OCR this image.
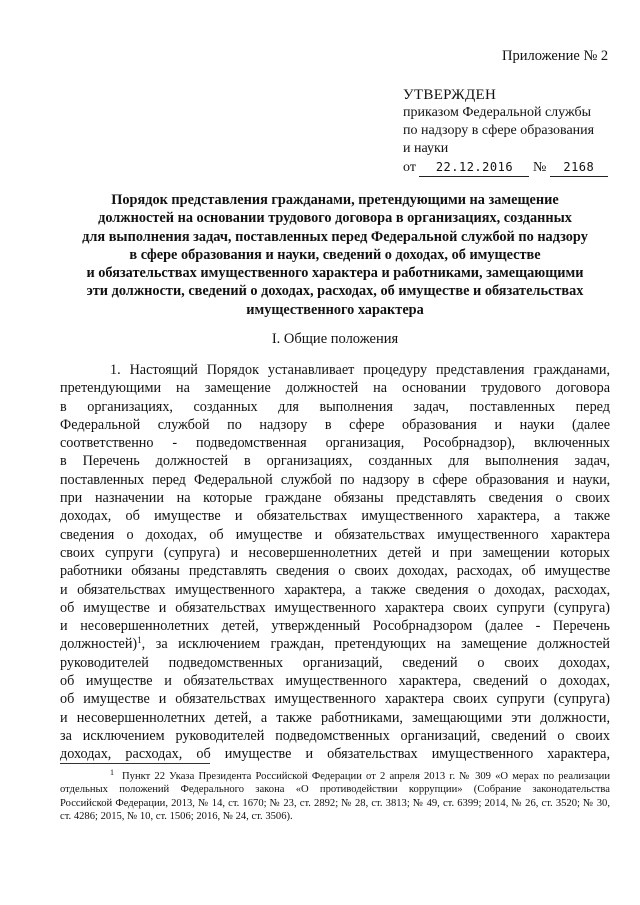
Приложение № 2
УТВЕРЖДЕН
приказом Федеральной службы
по надзору в сфере образования
и науки
от 22.12.2016 № 2168
Порядок представления гражданами, претендующими на замещение
должностей на основании трудового договора в организациях, созданных
для выполнения задач, поставленных перед Федеральной службой по надзору
в сфере образования и науки, сведений о доходах, об имуществе
и обязательствах имущественного характера и работниками, замещающими
эти должности, сведений о доходах, расходах, об имуществе и обязательствах
имущественного характера
I. Общие положения
1. Настоящий Порядок устанавливает процедуру представления гражданами,
претендующими на замещение должностей на основании трудового договора
в организациях, созданных для выполнения задач, поставленных перед
Федеральной службой по надзору в сфере образования и науки (далее
соответственно - подведомственная организация, Рособрнадзор), включенных
в Перечень должностей в организациях, созданных для выполнения задач,
поставленных перед Федеральной службой по надзору в сфере образования и науки,
при назначении на которые граждане обязаны представлять сведения о своих
доходах, об имуществе и обязательствах имущественного характера, а также
сведения о доходах, об имуществе и обязательствах имущественного характера
своих супруги (супруга) и несовершеннолетних детей и при замещении которых
работники обязаны представлять сведения о своих доходах, расходах, об имуществе
и обязательствах имущественного характера, а также сведения о доходах, расходах,
об имуществе и обязательствах имущественного характера своих супруги (супруга)
и несовершеннолетних детей, утвержденный Рособрнадзором (далее - Перечень
должностей)$^1$, за исключением граждан, претендующих на замещение должностей
руководителей подведомственных организаций, сведений о своих доходах,
об имуществе и обязательствах имущественного характера, сведений о доходах,
об имуществе и обязательствах имущественного характера своих супруги (супруга)
и несовершеннолетних детей, а также работниками, замещающими эти должности,
за исключением руководителей подведомственных организаций, сведений о своих
доходах, расходах, об имуществе и обязательствах имущественного характера,
$^1$ Пункт 22 Указа Президента Российской Федерации от 2 апреля 2013 г. № 309 «О мерах по реализации
отдельных положений Федерального закона «О противодействии коррупции» (Собрание законодательства
Российской Федерации, 2013, № 14, ст. 1670; № 23, ст. 2892; № 28, ст. 3813; № 49, ст. 6399; 2014, № 26, ст. 3520; № 30,
ст. 4286; 2015, № 10, ст. 1506; 2016, № 24, ст. 3506).
